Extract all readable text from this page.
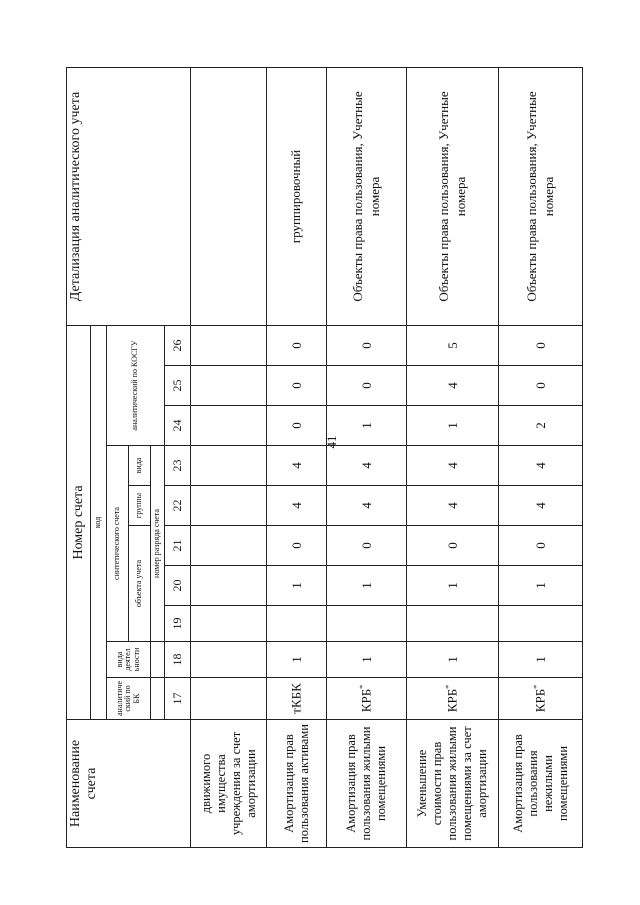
41
Наименование счета	Номер счета										Детализация аналитического учета
	код										
	аналитиче ский по БК	вида деятел ьности	синтетического счета					аналитический по КОСГУ			
			объекта учета			группы	вида				
			номер разряда счета								
	17	18	19	20	21	22	23	24	25	26	
движимого имущества учреждения за счет амортизации											
Амортизация прав пользования активами	тКБК	1		1	0	4	4	0	0	0	группировочный
Амортизация прав пользования жилыми помещениями	КРБ*	1		1	0	4	4	1	0	0	Объекты права пользования, Учетные номера
Уменьшение стоимости прав пользования жилыми помещениями за счет амортизации	КРБ*	1		1	0	4	4	1	4	5	Объекты права пользования, Учетные номера
Амортизация прав пользования нежилыми помещениями	КРБ*	1		1	0	4	4	2	0	0	Объекты права пользования, Учетные номера
